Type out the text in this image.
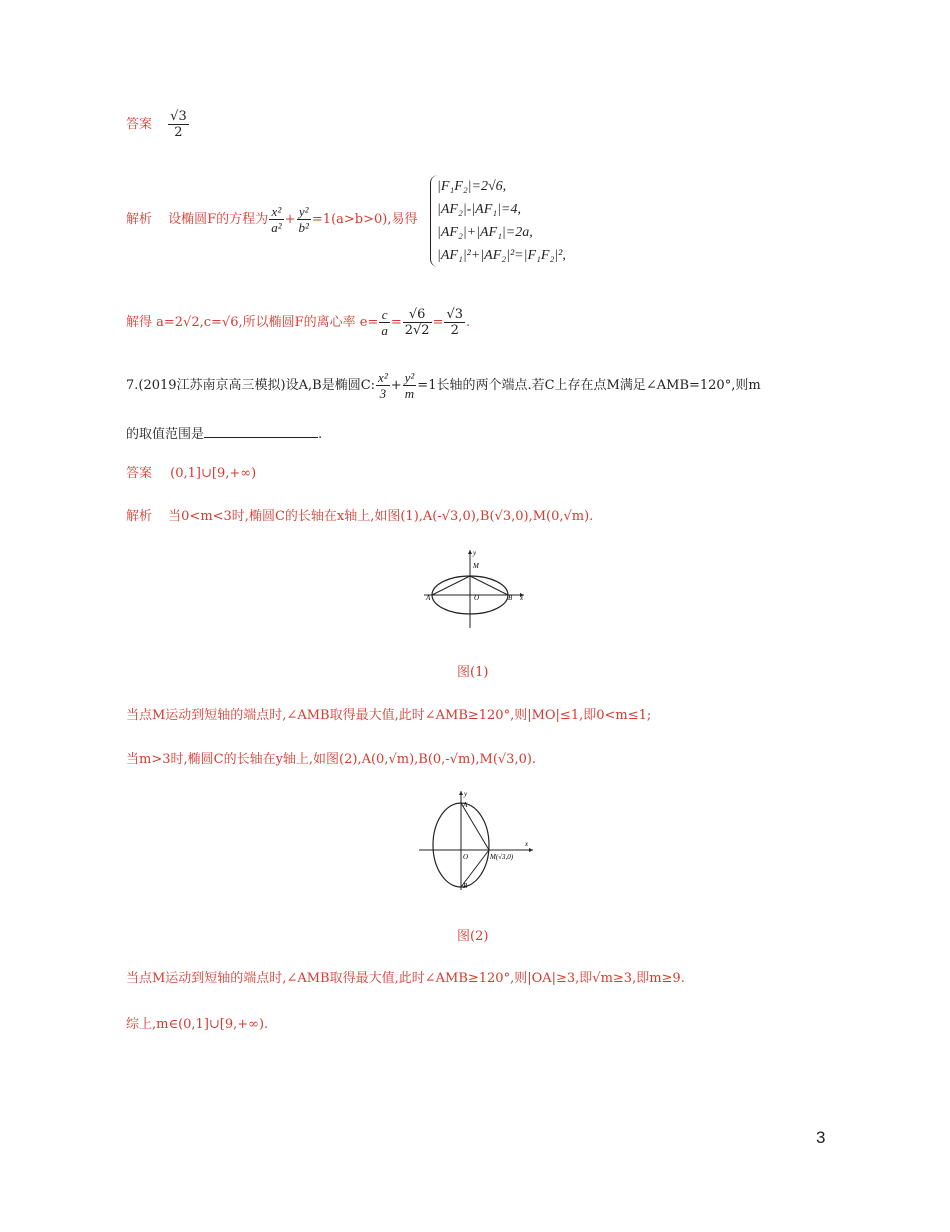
答案 $\frac{√3}{2}$
解析 设椭圆F的方程为 $\frac{\text{x²}}{\text{a²}} + \frac{\text{y²}}{\text{b²}} =1(a>b>0)$,易得
|F₁F₂|=2√6,
|AF₂|-|AF₁|=4,
|AF₂|+|AF₁|=2a,
|AF₁|²+|AF₂|²=|F₁F₂|²,
解得 a=2√2,c=√6,所以椭圆F的离心率 $e= \frac{c}{a} = \frac{√6}{2√2} = \frac{√3}{2}$ .
7.(2019江苏南京高三模拟)设A,B是椭圆C: $\frac{\text{x²}}{3} + \frac{\text{y²}}{m} =1$长轴的两个端点.若C上存在点M满足∠AMB=120°,则m
的取值范围是	.
答案 (0,1]∪[9,+∞)
解析 当0<m<3时,椭圆C的长轴在x轴上,如图(1),A(-√3,0),B(√3,0),M(0,√m).
y
M
A	O	B x
图(1)
当点M运动到短轴的端点时,∠AMB取得最大值,此时∠AMB≥120°,则|MO|≤1,即0<m≤1;
当m>3时,椭圆C的长轴在y轴上,如图(2),A(0,√m),B(0,-√m),M(√3,0).
y
A
O	M(√3,0)
B
x
图(2)
当点M运动到短轴的端点时,∠AMB取得最大值,此时∠AMB≥120°,则|OA|≥3,即√m≥3,即m≥9.
综上,m∈(0,1]∪[9,+∞).
3
